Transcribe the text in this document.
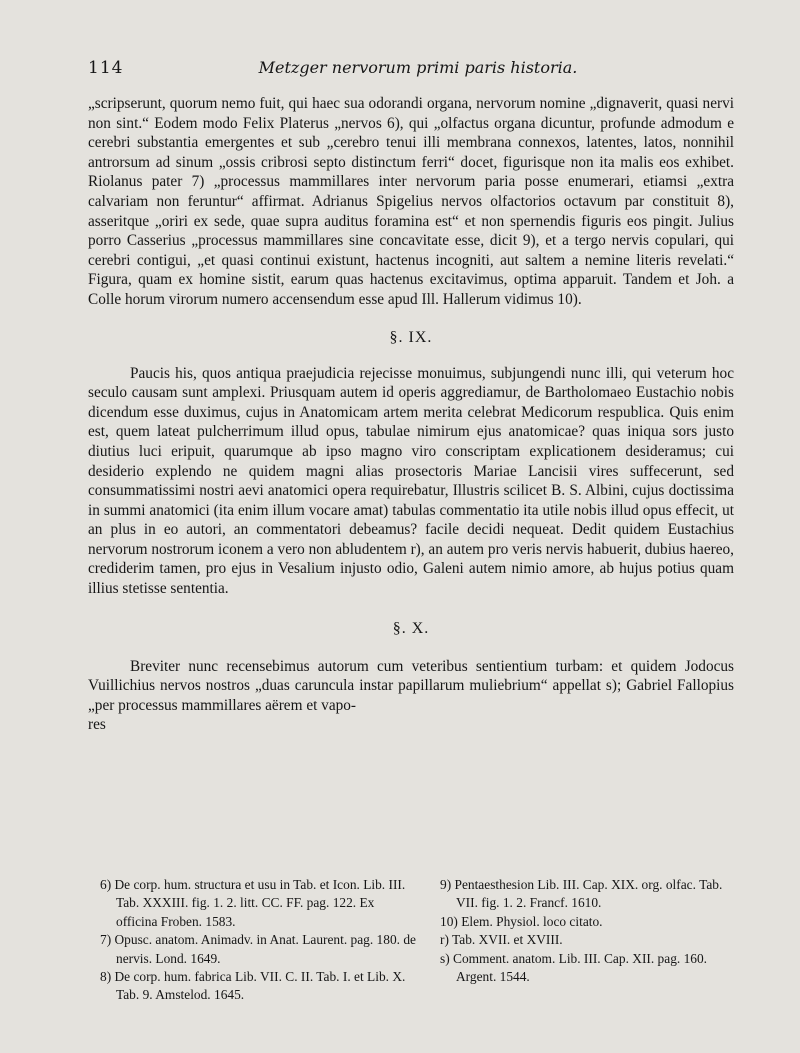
114	Metzger nervorum primi paris historia.

„scripserunt, quorum nemo fuit, qui haec sua odorandi organa, nervorum nomine „dignaverit, quasi nervi non sint.“ Eodem modo Felix Platerus „nervos 6), qui „olfactus organa dicuntur, profunde admodum e cerebri substantia emergentes et sub „cerebro tenui illi membrana connexos, latentes, latos, nonnihil antrorsum ad sinum „ossis cribrosi septo distinctum ferri“ docet, figurisque non ita malis eos exhibet. Riolanus pater 7) „processus mammillares inter nervorum paria posse enumerari, etiamsi „extra calvariam non feruntur“ affirmat. Adrianus Spigelius nervos olfactorios octavum par constituit 8), asseritque „oriri ex sede, quae supra auditus foramina est“ et non spernendis figuris eos pingit. Julius porro Casserius „processus mammillares sine concavitate esse, dicit 9), et a tergo nervis copulari, qui cerebri contigui, „et quasi continui existunt, hactenus incogniti, aut saltem a nemine literis revelati.“ Figura, quam ex homine sistit, earum quas hactenus excitavimus, optima apparuit. Tandem et Joh. a Colle horum virorum numero accensendum esse apud Ill. Hallerum vidimus 10).

§. IX.

Paucis his, quos antiqua praejudicia rejecisse monuimus, subjungendi nunc illi, qui veterum hoc seculo causam sunt amplexi. Priusquam autem id operis aggrediamur, de Bartholomaeo Eustachio nobis dicendum esse duximus, cujus in Anatomicam artem merita celebrat Medicorum respublica. Quis enim est, quem lateat pulcherrimum illud opus, tabulae nimirum ejus anatomicae? quas iniqua sors justo diutius luci eripuit, quarumque ab ipso magno viro conscriptam explicationem desideramus; cui desiderio explendo ne quidem magni alias prosectoris Mariae Lancisii vires suffecerunt, sed consummatissimi nostri aevi anatomici opera requirebatur, Illustris scilicet B. S. Albini, cujus doctissima in summi anatomici (ita enim illum vocare amat) tabulas commentatio ita utile nobis illud opus effecit, ut an plus in eo autori, an commentatori debeamus? facile decidi nequeat. Dedit quidem Eustachius nervorum nostrorum iconem a vero non abludentem r), an autem pro veris nervis habuerit, dubius haereo, crediderim tamen, pro ejus in Vesalium injusto odio, Galeni autem nimio amore, ab hujus potius quam illius stetisse sententia.

§. X.

Breviter nunc recensebimus autorum cum veteribus sentientium turbam: et quidem Jodocus Vuillichius nervos nostros „duas caruncula instar papillarum muliebrium“ appellat s); Gabriel Fallopius „per processus mammillares aërem et vapo-

res

6) De corp. hum. structura et usu in Tab. et Icon. Lib. III. Tab. XXXIII. fig. 1. 2. litt. CC. FF. pag. 122. Ex officina Froben. 1583.

7) Opusc. anatom. Animadv. in Anat. Laurent. pag. 180. de nervis. Lond. 1649.

8) De corp. hum. fabrica Lib. VII. C. II. Tab. I. et Lib. X. Tab. 9. Amstelod. 1645.

9) Pentaesthesion Lib. III. Cap. XIX. org. olfac. Tab. VII. fig. 1. 2. Francf. 1610.

10) Elem. Physiol. loco citato.

r) Tab. XVII. et XVIII.

s) Comment. anatom. Lib. III. Cap. XII. pag. 160. Argent. 1544.
